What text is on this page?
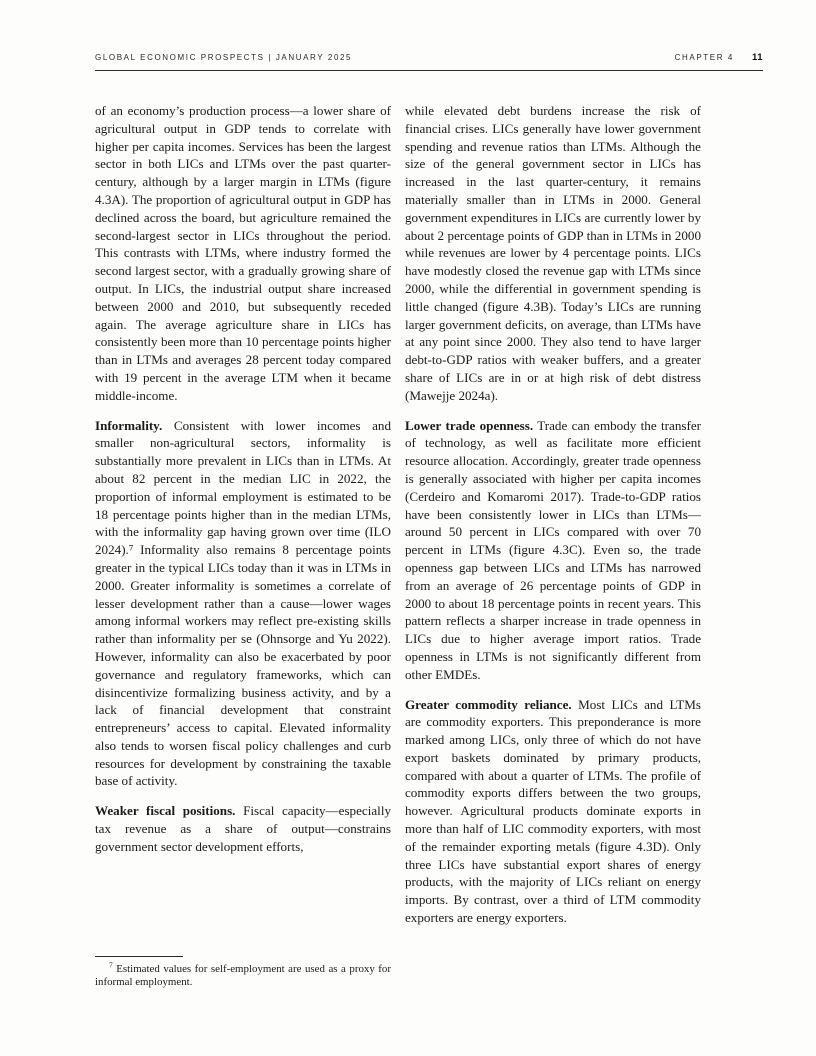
GLOBAL ECONOMIC PROSPECTS | JANUARY 2025	CHAPTER 4 11

of an economy’s production process—a lower share of agricultural output in GDP tends to correlate with higher per capita incomes. Services has been the largest sector in both LICs and LTMs over the past quarter-century, although by a larger margin in LTMs (figure 4.3A). The proportion of agricultural output in GDP has declined across the board, but agriculture remained the second-largest sector in LICs throughout the period. This contrasts with LTMs, where industry formed the second largest sector, with a gradually growing share of output. In LICs, the industrial output share increased between 2000 and 2010, but subsequently receded again. The average agriculture share in LICs has consistently been more than 10 percentage points higher than in LTMs and averages 28 percent today compared with 19 percent in the average LTM when it became middle-income.

Informality. Consistent with lower incomes and smaller non-agricultural sectors, informality is substantially more prevalent in LICs than in LTMs. At about 82 percent in the median LIC in 2022, the proportion of informal employment is estimated to be 18 percentage points higher than in the median LTMs, with the informality gap having grown over time (ILO 2024).⁷ Informality also remains 8 percentage points greater in the typical LICs today than it was in LTMs in 2000. Greater informality is sometimes a correlate of lesser development rather than a cause—lower wages among informal workers may reflect pre-existing skills rather than informality per se (Ohnsorge and Yu 2022). However, informality can also be exacerbated by poor governance and regulatory frameworks, which can disincentivize formalizing business activity, and by a lack of financial development that constraint entrepreneurs’ access to capital. Elevated informality also tends to worsen fiscal policy challenges and curb resources for development by constraining the taxable base of activity.

Weaker fiscal positions. Fiscal capacity—especially tax revenue as a share of output—constrains government sector development efforts,

$^7$ Estimated values for self-employment are used as a proxy for informal employment.

while elevated debt burdens increase the risk of financial crises. LICs generally have lower government spending and revenue ratios than LTMs. Although the size of the general government sector in LICs has increased in the last quarter-century, it remains materially smaller than in LTMs in 2000. General government expenditures in LICs are currently lower by about 2 percentage points of GDP than in LTMs in 2000 while revenues are lower by 4 percentage points. LICs have modestly closed the revenue gap with LTMs since 2000, while the differential in government spending is little changed (figure 4.3B). Today’s LICs are running larger government deficits, on average, than LTMs have at any point since 2000. They also tend to have larger debt-to-GDP ratios with weaker buffers, and a greater share of LICs are in or at high risk of debt distress (Mawejje 2024a).

Lower trade openness. Trade can embody the transfer of technology, as well as facilitate more efficient resource allocation. Accordingly, greater trade openness is generally associated with higher per capita incomes (Cerdeiro and Komaromi 2017). Trade-to-GDP ratios have been consistently lower in LICs than LTMs—around 50 percent in LICs compared with over 70 percent in LTMs (figure 4.3C). Even so, the trade openness gap between LICs and LTMs has narrowed from an average of 26 percentage points of GDP in 2000 to about 18 percentage points in recent years. This pattern reflects a sharper increase in trade openness in LICs due to higher average import ratios. Trade openness in LTMs is not significantly different from other EMDEs.

Greater commodity reliance. Most LICs and LTMs are commodity exporters. This preponderance is more marked among LICs, only three of which do not have export baskets dominated by primary products, compared with about a quarter of LTMs. The profile of commodity exports differs between the two groups, however. Agricultural products dominate exports in more than half of LIC commodity exporters, with most of the remainder exporting metals (figure 4.3D). Only three LICs have substantial export shares of energy products, with the majority of LICs reliant on energy imports. By contrast, over a third of LTM commodity exporters are energy exporters.
